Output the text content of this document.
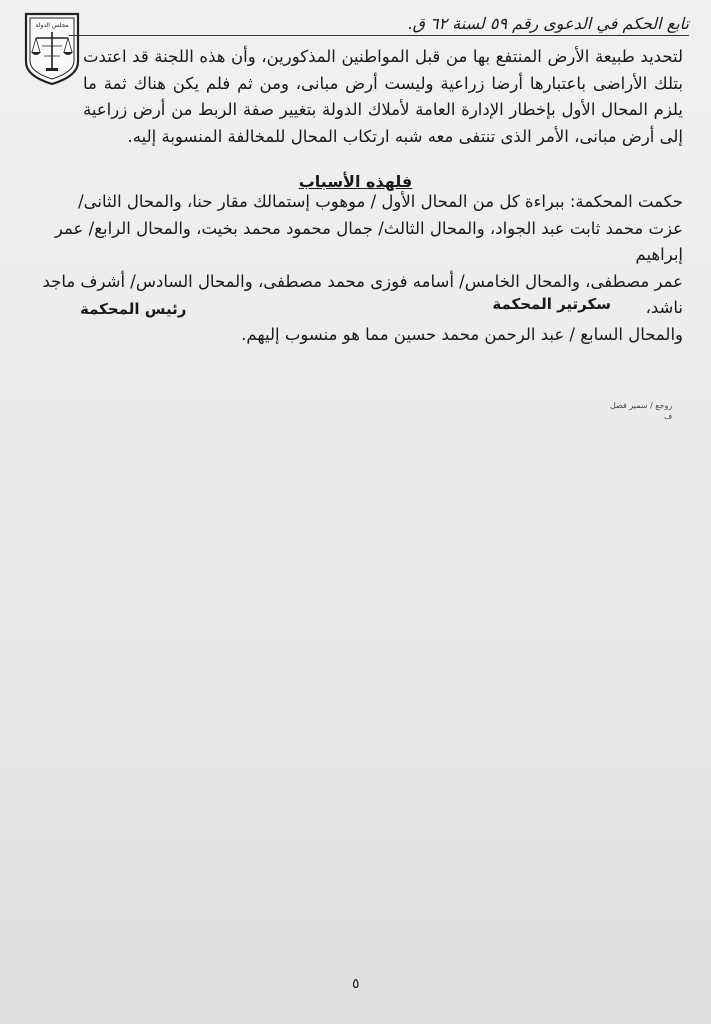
مجلس الدولة	تابع الحكم في الدعوى رقم ٥٩ لسنة ٦٢ ق.

لتحديد طبيعة الأرض المنتفع بها من قبل المواطنين المذكورين، وأن هذه اللجنة قد اعتدت بتلك الأراضى باعتبارها أرضا زراعية وليست أرض مبانى، ومن ثم فلم يكن هناك ثمة ما يلزم المحال الأول بإخطار الإدارة العامة لأملاك الدولة بتغيير صفة الربط من أرض زراعية إلى أرض مبانى، الأمر الذى تنتفى معه شبه ارتكاب المحال للمخالفة المنسوبة إليه.

فلهذه الأسباب

حكمت المحكمة: ببراءة كل من المحال الأول / موهوب إستمالك مقار حنا، والمحال الثانى/

عزت محمد ثابت عبد الجواد، والمحال الثالث/ جمال محمود محمد بخيت، والمحال الرابع/ عمر إبراهيم

عمر مصطفى، والمحال الخامس/ أسامه فوزى محمد مصطفى، والمحال السادس/ أشرف ماجد ناشد،

والمحال السابع / عبد الرحمن محمد حسين مما هو منسوب إليهم.

سكرتير المحكمة
رئيس المحكمة
روجع / سمير فضل
ف
٥
